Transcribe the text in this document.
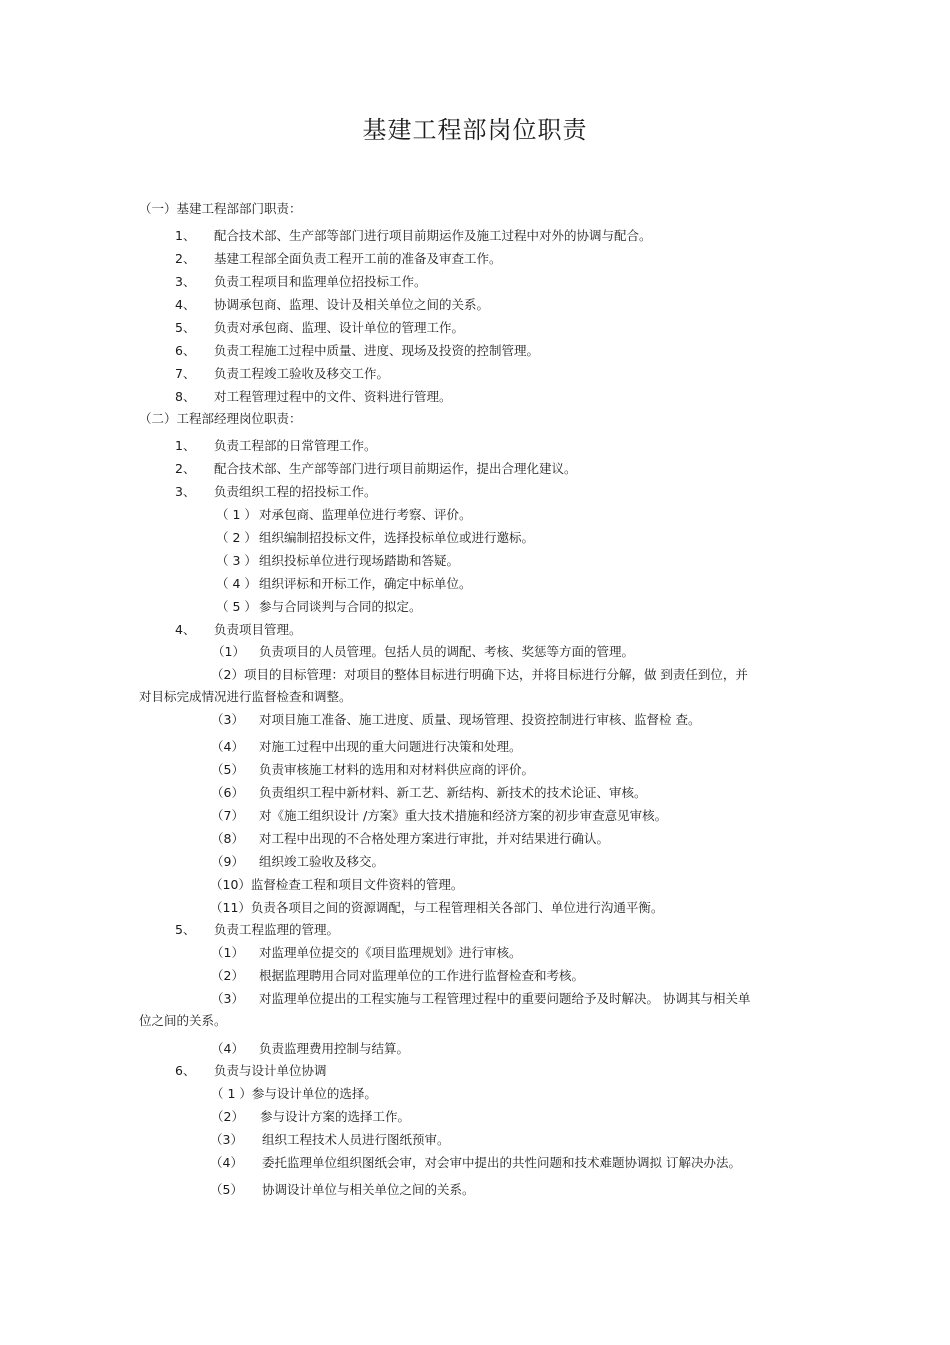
基建工程部岗位职责
（一）基建工程部部门职责：
1、 配合技术部、生产部等部门进行项目前期运作及施工过程中对外的协调与配合。
2、 基建工程部全面负责工程开工前的准备及审查工作。
3、 负责工程项目和监理单位招投标工作。
4、 协调承包商、监理、设计及相关单位之间的关系。
5、 负责对承包商、监理、设计单位的管理工作。
6、 负责工程施工过程中质量、进度、现场及投资的控制管理。
7、 负责工程竣工验收及移交工作。
8、 对工程管理过程中的文件、资料进行管理。
（二）工程部经理岗位职责：
1、 负责工程部的日常管理工作。
2、 配合技术部、生产部等部门进行项目前期运作，提出合理化建议。
3、 负责组织工程的招投标工作。
（ 1 ） 对承包商、监理单位进行考察、评价。
（ 2 ） 组织编制招投标文件，选择投标单位或进行邀标。
（ 3 ） 组织投标单位进行现场踏勘和答疑。
（ 4 ） 组织评标和开标工作，确定中标单位。
（ 5 ） 参与合同谈判与合同的拟定。
4、 负责项目管理。
（1） 负责项目的人员管理。包括人员的调配、考核、奖惩等方面的管理。
（2）项目的目标管理：对项目的整体目标进行明确下达，并将目标进行分解，做 到责任到位，并
对目标完成情况进行监督检查和调整。
（3） 对项目施工准备、施工进度、质量、现场管理、投资控制进行审核、监督检 查。
（4） 对施工过程中出现的重大问题进行决策和处理。
（5） 负责审核施工材料的选用和对材料供应商的评价。
（6） 负责组织工程中新材料、新工艺、新结构、新技术的技术论证、审核。
（7） 对《施工组织设计 /方案》重大技术措施和经济方案的初步审查意见审核。
（8） 对工程中出现的不合格处理方案进行审批，并对结果进行确认。
（9） 组织竣工验收及移交。
（10）监督检查工程和项目文件资料的管理。
（11）负责各项目之间的资源调配，与工程管理相关各部门、单位进行沟通平衡。
5、 负责工程监理的管理。
（1） 对监理单位提交的《项目监理规划》进行审核。
（2） 根据监理聘用合同对监理单位的工作进行监督检查和考核。
（3） 对监理单位提出的工程实施与工程管理过程中的重要问题给予及时解决。 协调其与相关单
位之间的关系。
（4） 负责监理费用控制与结算。
6、 负责与设计单位协调
（ 1 ）参与设计单位的选择。
（2） 参与设计方案的选择工作。
（3） 组织工程技术人员进行图纸预审。
（4） 委托监理单位组织图纸会审，对会审中提出的共性问题和技术难题协调拟 订解决办法。
（5） 协调设计单位与相关单位之间的关系。
